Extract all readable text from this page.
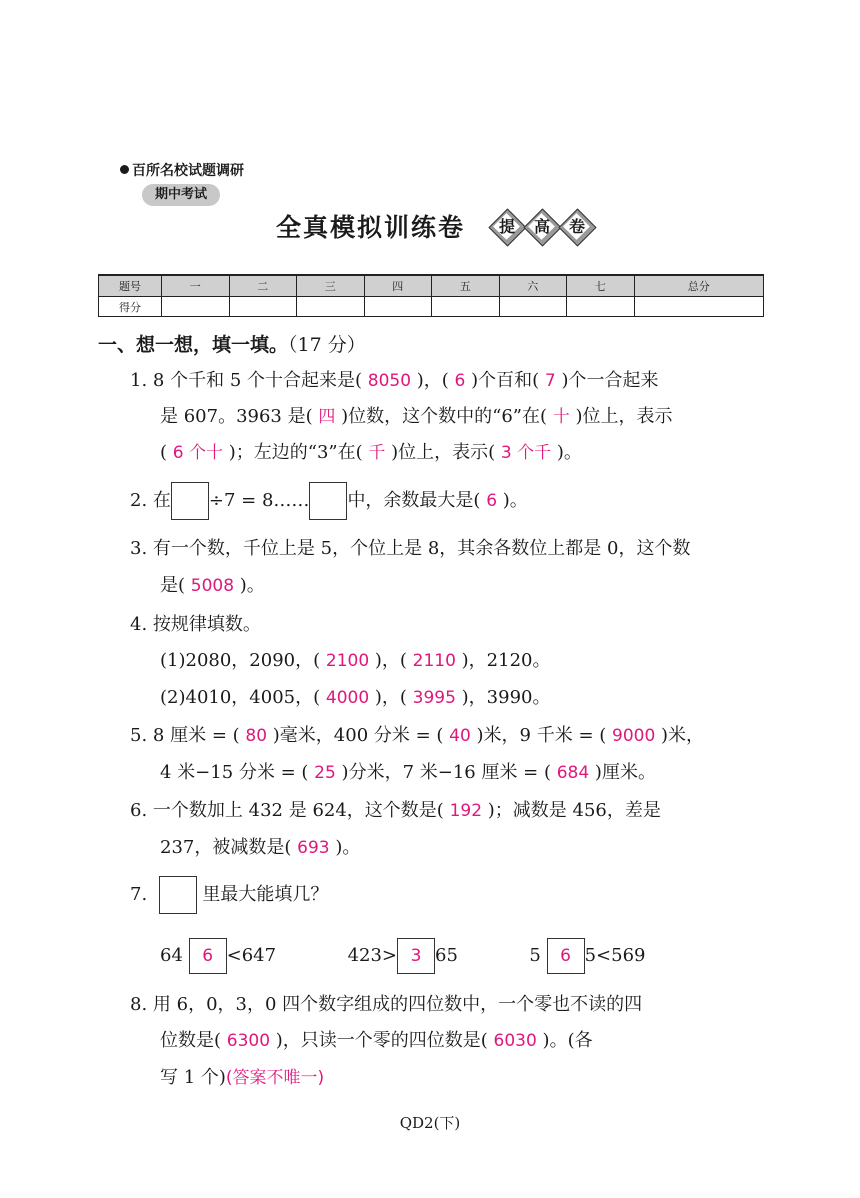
百所名校试题调研
期中考试
全真模拟训练卷	提	高	卷
题号	一	二	三	四	五	六	七	总分
得分								
一、想一想，填一填。（17 分）
1. 8 个千和 5 个十合起来是( 8050 )，( 6 )个百和( 7 )个一合起来
是 607。3963 是( 四 )位数，这个数中的“6”在( 十 )位上，表示
( 6 个十 )；左边的“3”在( 千 )位上，表示( 3 个千 )。
2. 在 ÷7 = 8…… 中，余数最大是( 6 )。
3. 有一个数，千位上是 5，个位上是 8，其余各数位上都是 0，这个数
是( 5008 )。
4. 按规律填数。
(1)2080，2090，( 2100 )，( 2110 )，2120。
(2)4010，4005，( 4000 )，( 3995 )，3990。
5. 8 厘米 = ( 80 )毫米，400 分米 = ( 40 )米，9 千米 = ( 9000 )米，
4 米−15 分米 = ( 25 )分米，7 米−16 厘米 = ( 684 )厘米。
6. 一个数加上 432 是 624，这个数是( 192 )；减数是 456，差是
237，被减数是( 693 )。
7.	里最大能填几？
64 6 <647	423> 3 65	5 6 5<569
8. 用 6，0，3，0 四个数字组成的四位数中，一个零也不读的四
位数是( 6300 )，只读一个零的四位数是( 6030 )。(各
写 1 个)(答案不唯一)
QD2(下)
